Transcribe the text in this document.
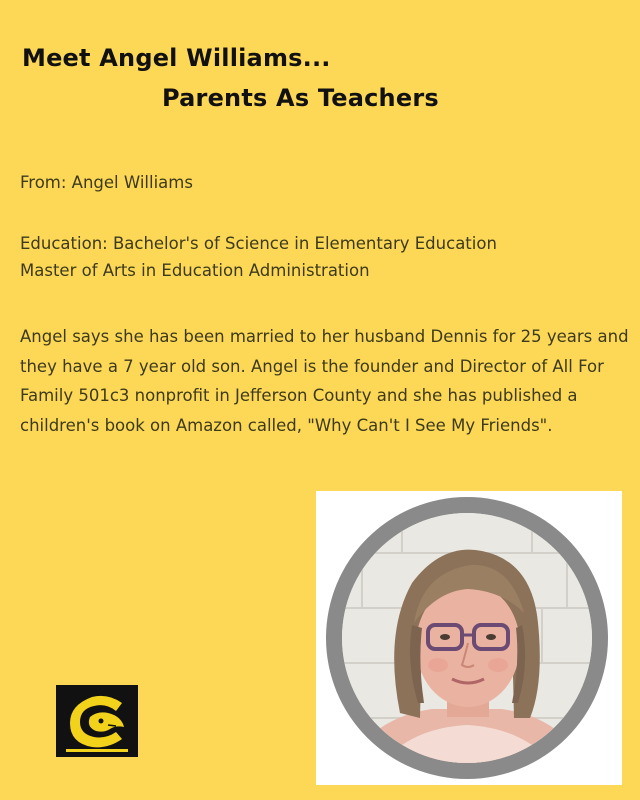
Meet Angel Williams...
Parents As Teachers
From: Angel Williams
Education: Bachelor's of Science in Elementary Education
Master of Arts in Education Administration
Angel says she has been married to her husband Dennis for 25 years and they have a 7 year old son. Angel is the founder and Director of All For Family 501c3 nonprofit in Jefferson County and she has published a children's book on Amazon called, "Why Can't I See My Friends".
